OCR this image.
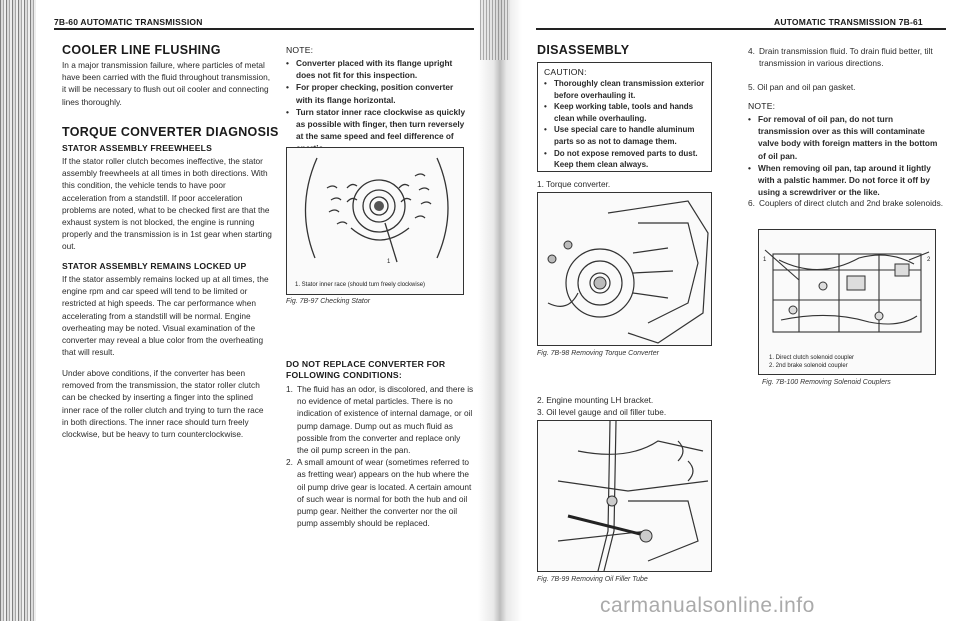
7B-60 AUTOMATIC TRANSMISSION
COOLER LINE FLUSHING
In a major transmission failure, where particles of metal have been carried with the fluid throughout transmission, it will be necessary to flush out oil cooler and connecting lines thoroughly.
TORQUE CONVERTER DIAGNOSIS
STATOR ASSEMBLY FREEWHEELS
If the stator roller clutch becomes ineffective, the stator assembly freewheels at all times in both directions. With this condition, the vehicle tends to have poor acceleration from a standstill. If poor acceleration problems are noted, what to be checked first are that the exhaust system is not blocked, the engine is running properly and the transmission is in 1st gear when starting out.
STATOR ASSEMBLY REMAINS LOCKED UP
If the stator assembly remains locked up at all times, the engine rpm and car speed will tend to be limited or restricted at high speeds. The car performance when accelerating from a standstill will be normal. Engine overheating may be noted. Visual examination of the converter may reveal a blue color from the overheating that will result.
Under above conditions, if the converter has been removed from the transmission, the stator roller clutch can be checked by inserting a finger into the splined inner race of the roller clutch and trying to turn the race in both directions. The inner race should turn freely clockwise, but be heavy to turn counterclockwise.
NOTE:
• Converter placed with its flange upright does not fit for this inspection.
• For proper checking, position converter with its flange horizontal.
• Turn stator inner race clockwise as quickly as possible with finger, then turn reversely at the same speed and feel difference of
1
1. Stator inner race (should turn freely clockwise)
Fig. 7B-97 Checking Stator
DO NOT REPLACE CONVERTER FOR FOLLOWING CONDITIONS:
1. The fluid has an odor, is discolored, and there is no evidence of metal particles. There is no indication of existence of internal damage, or oil pump damage. Dump out as much fluid as possible from the converter and replace only the oil pump screen in the pan.
2. A small amount of wear (sometimes referred to as fretting wear) appears on the hub where the oil pump drive gear is located. A certain amount of such wear is normal for both the hub and oil pump gear. Neither the converter nor the oil pump assembly should be replaced.
AUTOMATIC TRANSMISSION 7B-61
DISASSEMBLY
CAUTION:
• Thoroughly clean transmission exterior before overhauling it.
• Keep working table, tools and hands clean while overhauling.
• Use special care to handle aluminum parts so as not to damage them.
• Do not expose removed parts to dust. Keep them clean always.
1. Torque converter.
Fig. 7B-98 Removing Torque Converter
2. Engine mounting LH bracket.
3. Oil level gauge and oil filler tube.
Fig. 7B-99 Removing Oil Filler Tube
4. Drain transmission fluid. To drain fluid better, tilt transmission in various directions.
5. Oil pan and oil pan gasket.
NOTE:
• For removal of oil pan, do not turn transmission over as this will contaminate valve body with foreign matters in the bottom of oil pan.
• When removing oil pan, tap around it lightly with a palstic hammer. Do not force it off by using a screwdriver or the like.
6. Couplers of direct clutch and 2nd brake solenoids.
1	2
1. Direct clutch solenoid coupler
2. 2nd brake solenoid coupler
Fig. 7B-100 Removing Solenoid Couplers
carmanualsonline.info
